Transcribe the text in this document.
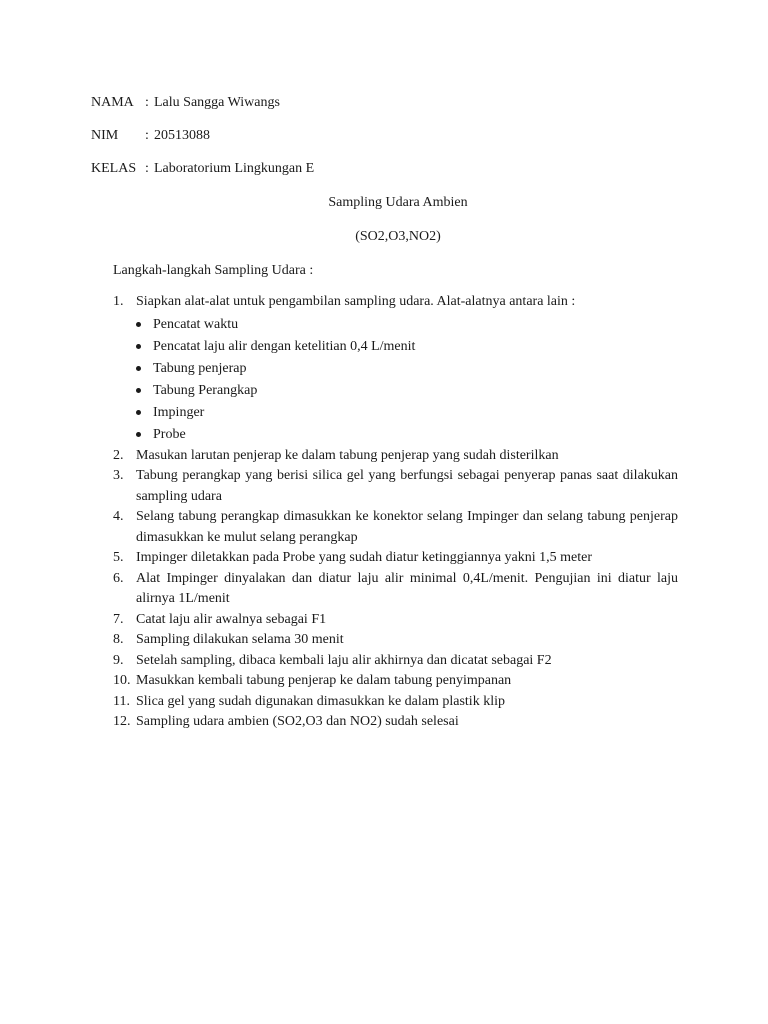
NAMA : Lalu Sangga Wiwangs
NIM : 20513088
KELAS : Laboratorium Lingkungan E
Sampling Udara Ambien
(SO2,O3,NO2)
Langkah-langkah Sampling Udara :
1. Siapkan alat-alat untuk pengambilan sampling udara. Alat-alatnya antara lain :
Pencatat waktu
Pencatat laju alir dengan ketelitian 0,4 L/menit
Tabung penjerap
Tabung Perangkap
Impinger
Probe
2. Masukan larutan penjerap ke dalam tabung penjerap yang sudah disterilkan
3. Tabung perangkap yang berisi silica gel yang berfungsi sebagai penyerap panas saat dilakukan sampling udara
4. Selang tabung perangkap dimasukkan ke konektor selang Impinger dan selang tabung penjerap dimasukkan ke mulut selang perangkap
5. Impinger diletakkan pada Probe yang sudah diatur ketinggiannya yakni 1,5 meter
6. Alat Impinger dinyalakan dan diatur laju alir minimal 0,4L/menit. Pengujian ini diatur laju alirnya 1L/menit
7. Catat laju alir awalnya sebagai F1
8. Sampling dilakukan selama 30 menit
9. Setelah sampling, dibaca kembali laju alir akhirnya dan dicatat sebagai F2
10. Masukkan kembali tabung penjerap ke dalam tabung penyimpanan
11. Slica gel yang sudah digunakan dimasukkan ke dalam plastik klip
12. Sampling udara ambien (SO2,O3 dan NO2) sudah selesai
